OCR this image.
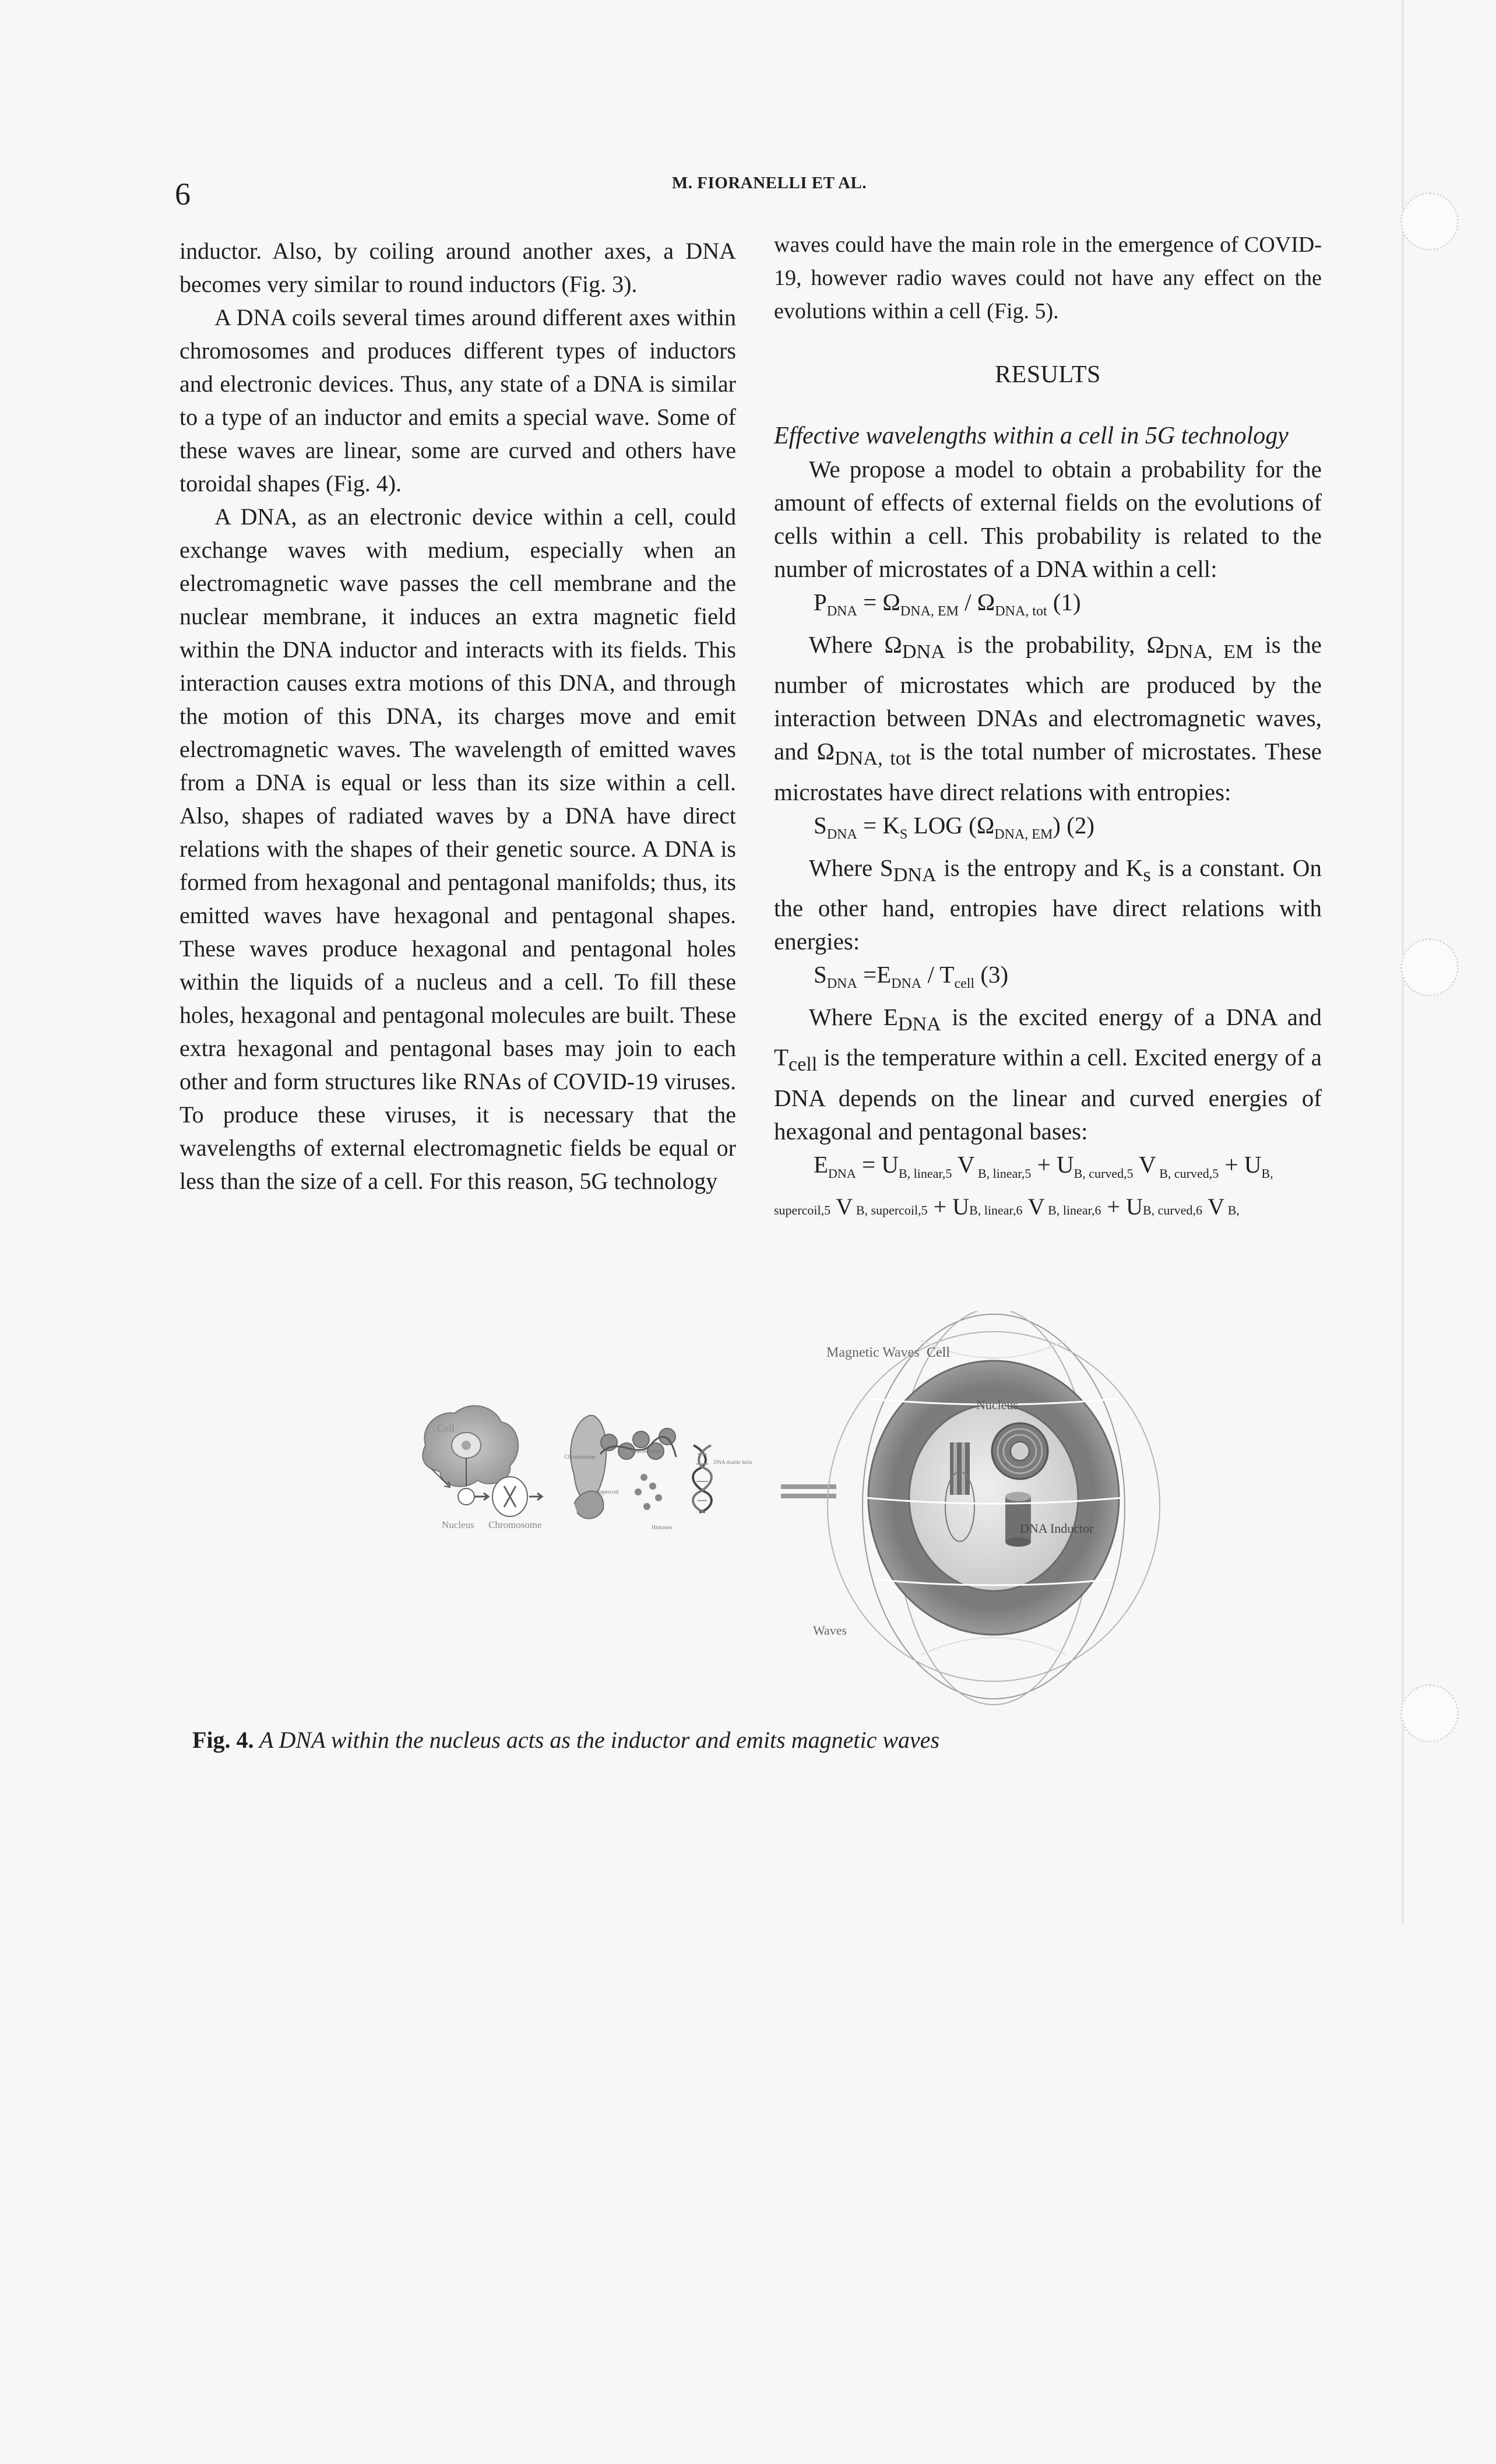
6	M. FIORANELLI ET AL.

inductor. Also, by coiling around another axes, a DNA becomes very similar to round inductors (Fig. 3).

A DNA coils several times around different axes within chromosomes and produces different types of inductors and electronic devices. Thus, any state of a DNA is similar to a type of an inductor and emits a special wave. Some of these waves are linear, some are curved and others have toroidal shapes (Fig. 4).

A DNA, as an electronic device within a cell, could exchange waves with medium, especially when an electromagnetic wave passes the cell membrane and the nuclear membrane, it induces an extra magnetic field within the DNA inductor and interacts with its fields. This interaction causes extra motions of this DNA, and through the motion of this DNA, its charges move and emit electromagnetic waves. The wavelength of emitted waves from a DNA is equal or less than its size within a cell. Also, shapes of radiated waves by a DNA have direct relations with the shapes of their genetic source. A DNA is formed from hexagonal and pentagonal manifolds; thus, its emitted waves have hexagonal and pentagonal shapes. These waves produce hexagonal and pentagonal holes within the liquids of a nucleus and a cell. To fill these holes, hexagonal and pentagonal molecules are built. These extra hexagonal and pentagonal bases may join to each other and form structures like RNAs of COVID-19 viruses. To produce these viruses, it is necessary that the wavelengths of external electromagnetic fields be equal or less than the size of a cell. For this reason, 5G technology

waves could have the main role in the emergence of COVID-19, however radio waves could not have any effect on the evolutions within a cell (Fig. 5).

RESULTS

Effective wavelengths within a cell in 5G technology

We propose a model to obtain a probability for the amount of effects of external fields on the evolutions of cells within a cell. This probability is related to the number of microstates of a DNA within a cell:

$P_{DNA} = \Omega_{DNA, EM} / \Omega_{DNA, tot}$ (1)

Where $\Omega_{DNA}$ is the probability, $\Omega_{DNA, EM}$ is the number of microstates which are produced by the interaction between DNAs and electromagnetic waves, and $\Omega_{DNA, tot}$ is the total number of microstates. These microstates have direct relations with entropies:

$S_{DNA} = K_S$ LOG $(\Omega_{DNA, EM})$ (2)

Where $S_{DNA}$ is the entropy and $K_s$ is a constant. On the other hand, entropies have direct relations with energies:

$S_{DNA} =E_{DNA} / T_{cell}$ (3)

Where $E_{DNA}$ is the excited energy of a DNA and $T_{cell}$ is the temperature within a cell. Excited energy of a DNA depends on the linear and curved energies of hexagonal and pentagonal bases:

$E_{DNA} = U_{B, linear,5}$ V $_{B, linear,5} + U_{B, curved,5}$ V $_{B, curved,5} + U_{B,}$
supercoil,5 V B, supercoil,5 + UB, linear,6 V B, linear,6 + UB, curved,6 V B,
Cell
Nucleus Chromosome
Chromosome
Nucleosome
Supercoil
Histones
DNA double helix
Magnetic Waves Cell
Nucleus
DNA Inductor
Waves
Fig. 4. A DNA within the nucleus acts as the inductor and emits magnetic waves
